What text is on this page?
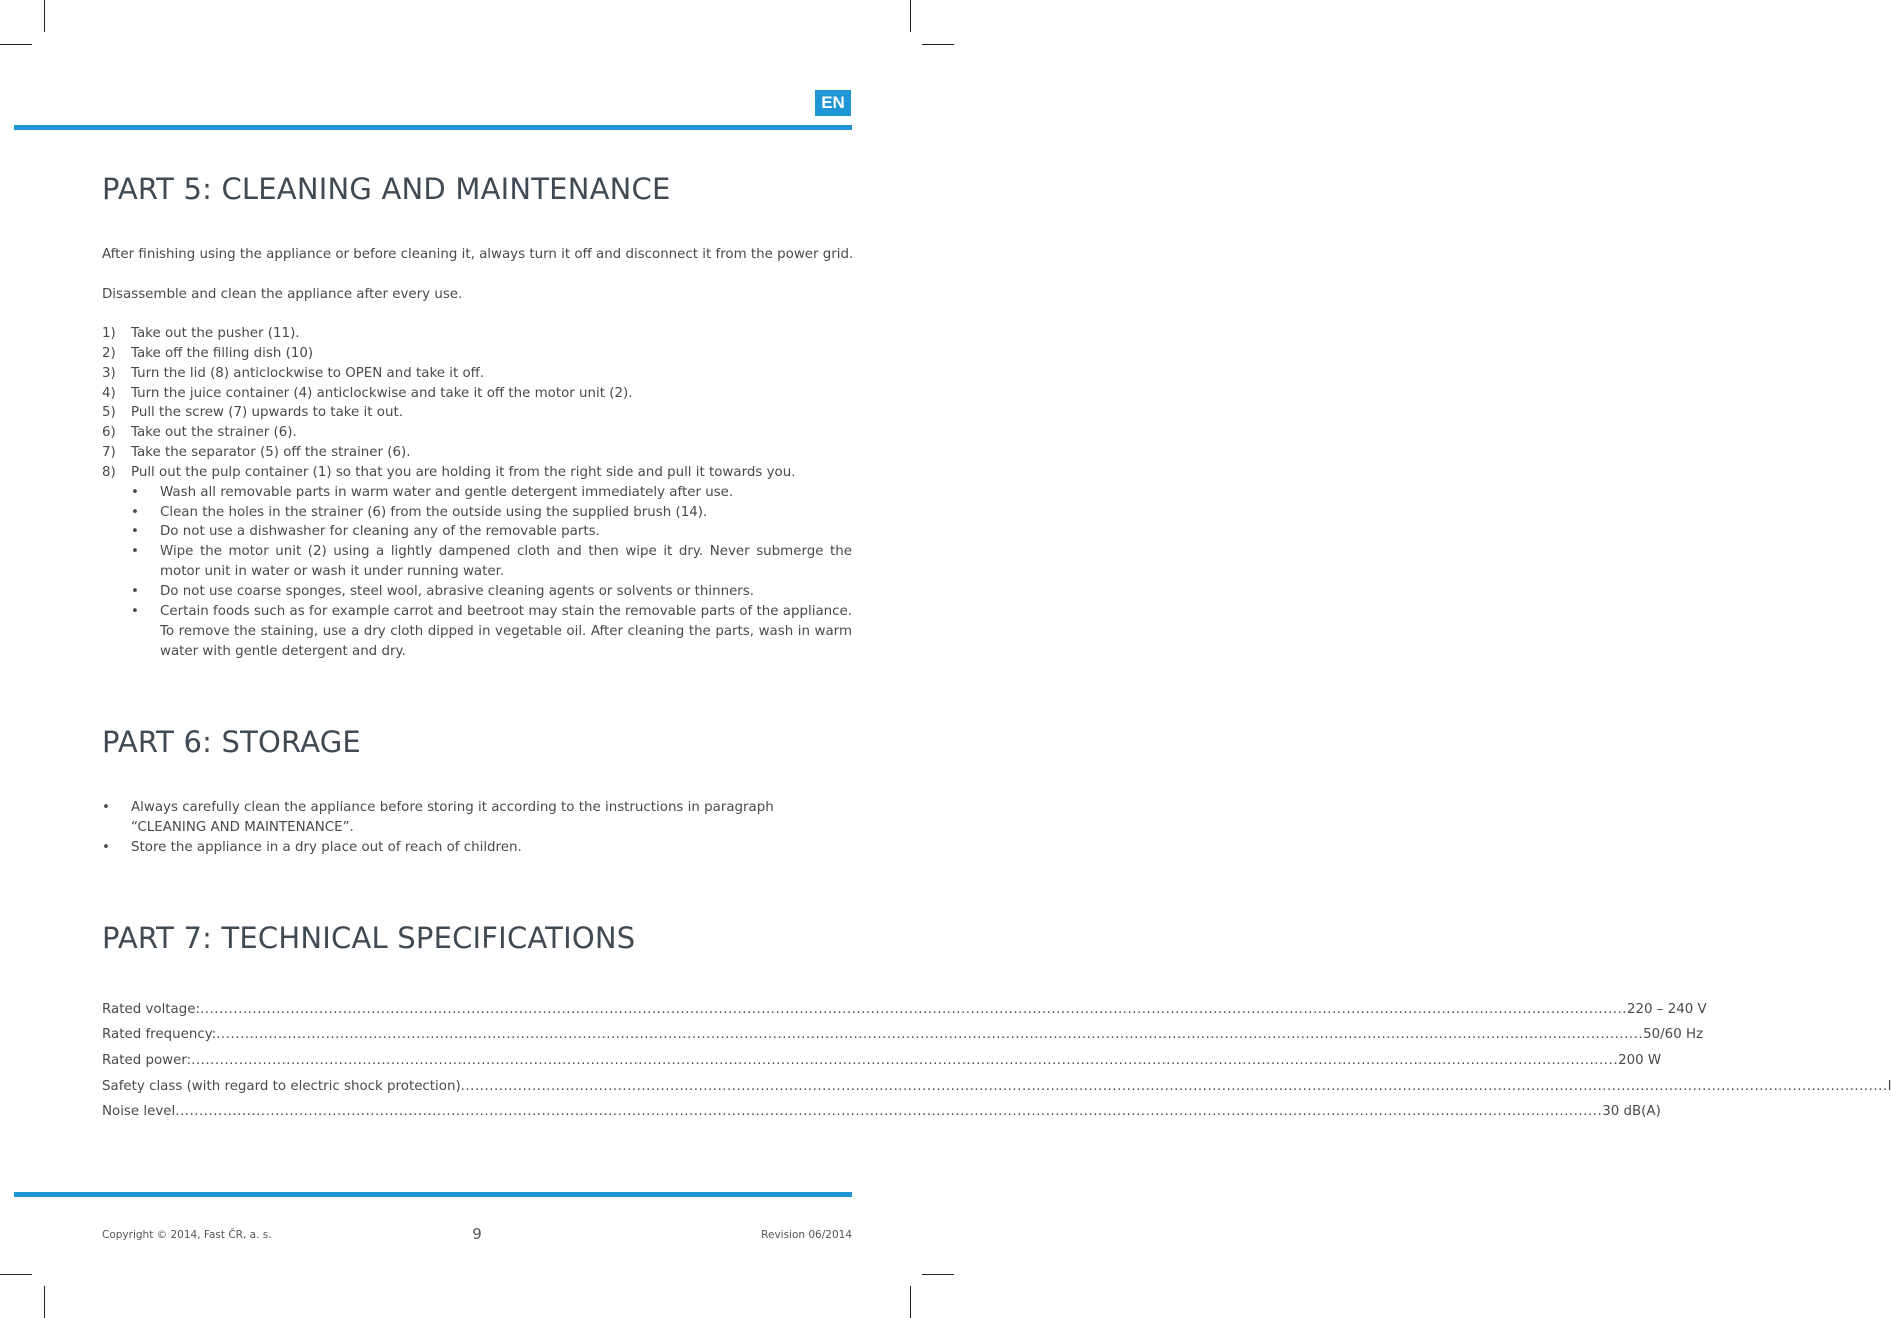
EN
PART 5: CLEANING AND MAINTENANCE

After finishing using the appliance or before cleaning it, always turn it off and disconnect it from the power grid.

Disassemble and clean the appliance after every use.

1) Take out the pusher (11).
2) Take off the filling dish (10)
3) Turn the lid (8) anticlockwise to OPEN and take it off.
4) Turn the juice container (4) anticlockwise and take it off the motor unit (2).
5) Pull the screw (7) upwards to take it out.
6) Take out the strainer (6).
7) Take the separator (5) off the strainer (6).
8) Pull out the pulp container (1) so that you are holding it from the right side and pull it towards you.
• Wash all removable parts in warm water and gentle detergent immediately after use.
• Clean the holes in the strainer (6) from the outside using the supplied brush (14).
• Do not use a dishwasher for cleaning any of the removable parts.
• Wipe the motor unit (2) using a lightly dampened cloth and then wipe it dry. Never submerge the motor unit in water or wash it under running water.
• Do not use coarse sponges, steel wool, abrasive cleaning agents or solvents or thinners.
• Certain foods such as for example carrot and beetroot may stain the removable parts of the appliance. To remove the staining, use a dry cloth dipped in vegetable oil. After cleaning the parts, wash in warm water with gentle detergent and dry.
PART 6: STORAGE
• Always carefully clean the appliance before storing it according to the instructions in paragraph “CLEANING AND MAINTENANCE”.
• Store the appliance in a dry place out of reach of children.
PART 7: TECHNICAL SPECIFICATIONS
Rated voltage: ............................................................................................................................................................................................................................................................................................................ 220 – 240 V
Rated frequency: ............................................................................................................................................................................................................................................................................................................ 50/60 Hz
Rated power: ............................................................................................................................................................................................................................................................................................................ 200 W
Safety class (with regard to electric shock protection) ............................................................................................................................................................................................................................................................................................................ I
Noise level ............................................................................................................................................................................................................................................................................................................ 30 dB(A)
Copyright © 2014, Fast ČR, a. s.	9	Revision 06/2014
